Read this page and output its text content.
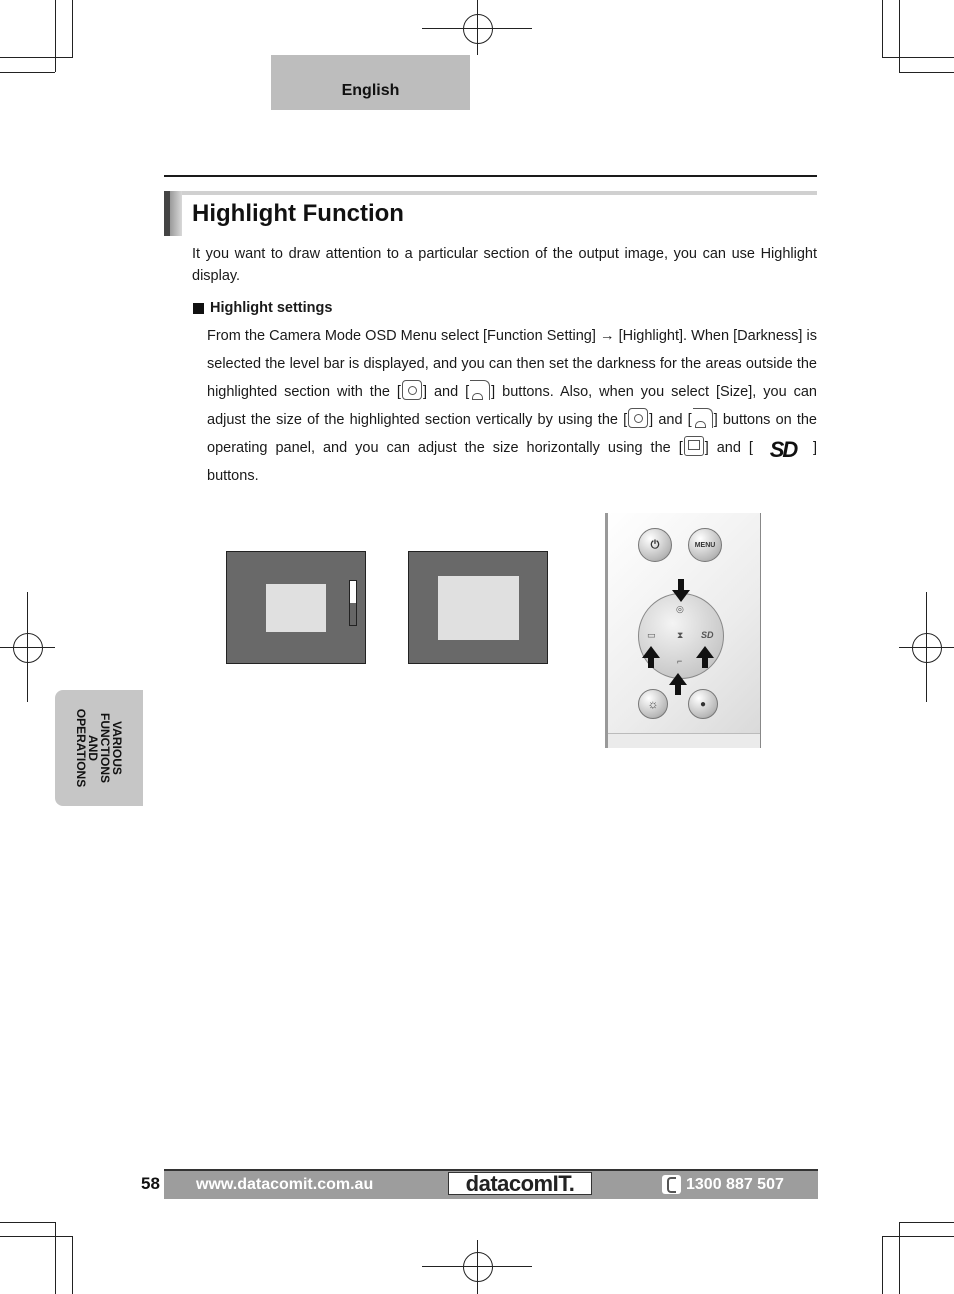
English
Highlight Function
It you want to draw attention to a particular section of the output image, you can use Highlight display.
Highlight settings

From the Camera Mode OSD Menu select [Function Setting] → [Highlight]. When [Darkness] is selected the level bar is displayed, and you can then set the darkness for the areas outside the highlighted section with the [ ] and [ ] buttons. Also, when you select [Size], you can adjust the size of the highlighted section vertically by using the [ ] and [ ] buttons on the operating panel, and you can adjust the size horizontally using the [ ] and [ SD ] buttons.

⏻	MENU
◎
▭ ⧗ SD
⌐
☼	●
VARIOUS
FUNCTIONS
AND
OPERATIONS
58 www.datacomit.com.au	datacomIT.	1300 887 507
